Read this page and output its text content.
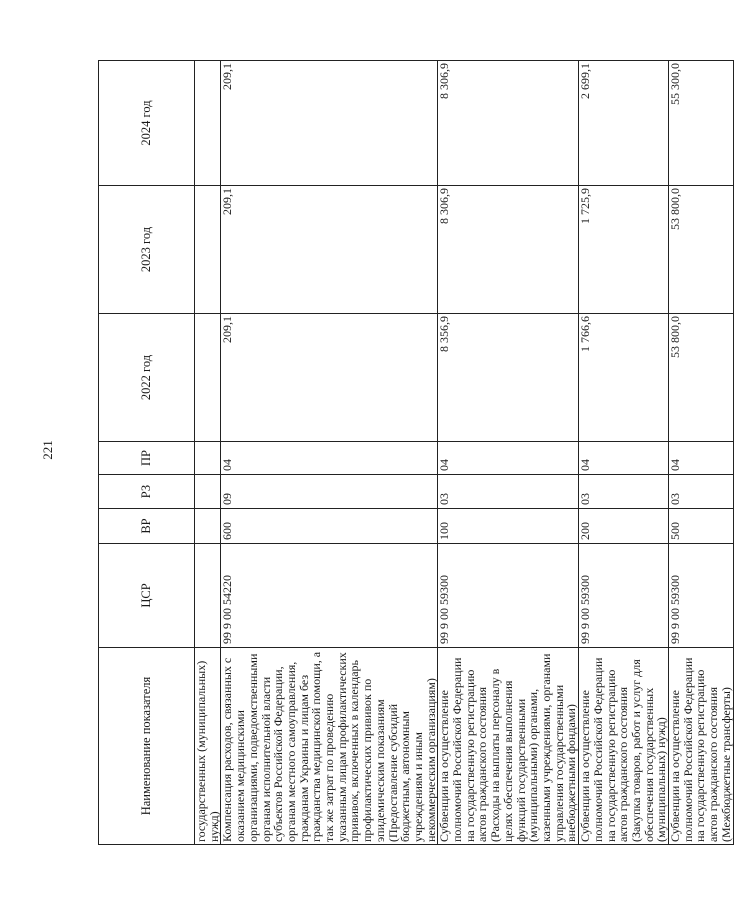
221
Наименование показателя	ЦСР	ВР	РЗ	ПР	2022 год	2023 год	2024 год
государственных (муниципальных) нужд)							
Компенсация расходов, связанных с оказанием медицинскими организациями, подведомственными органам исполнительной власти субъектов Российской Федерации, органам местного самоуправления, гражданам Украины и лицам без гражданства медицинской помощи, а так же затрат по проведению указанным лицам профилактических прививок, включенных в календарь профилактических прививок по эпидемическим показаниям (Предоставление субсидий бюджетным, автономным учреждениям и иным некоммерческим организациям)	99 9 00 54220	600	09	04	209,1	209,1	209,1
Субвенции на осуществление полномочий Российской Федерации на государственную регистрацию актов гражданского состояния (Расходы на выплаты персоналу в целях обеспечения выполнения функций государственными (муниципальными) органами, казенными учреждениями, органами управления государственными внебюджетными фондами)	99 9 00 59300	100	03	04	8 356,9	8 306,9	8 306,9
Субвенции на осуществление полномочий Российской Федерации на государственную регистрацию актов гражданского состояния (Закупка товаров, работ и услуг для обеспечения государственных (муниципальных) нужд)	99 9 00 59300	200	03	04	1 766,6	1 725,9	2 699,1
Субвенции на осуществление полномочий Российской Федерации на государственную регистрацию актов гражданского состояния (Межбюджетные трансферты)	99 9 00 59300	500	03	04	53 800,0	53 800,0	55 300,0
